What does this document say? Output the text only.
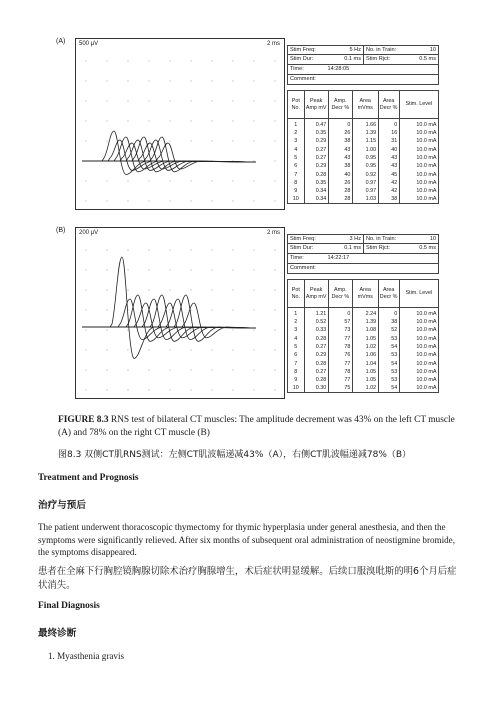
(A) 500 μV	2 ms
Stim Freq:	5 Hz No. in Train:	10
Stim Dur:	0.1 ms Stim Rjct:	0.5 ms
Time:	14:28:05
Comment:
Pot No.	Peak Amp mV	Amp. Decr %	Area mVms	Area Decr %	Stim. Level
1	0.47	0	1.66	0	10.0 mA
2	0.35	26	1.39	16	10.0 mA
3	0.29	38	1.15	31	10.0 mA
4	0.27	43	1.00	40	10.0 mA
5	0.27	43	0.95	43	10.0 mA
6	0.29	38	0.95	43	10.0 mA
7	0.28	40	0.92	45	10.0 mA
8	0.35	26	0.97	42	10.0 mA
9	0.34	28	0.97	42	10.0 mA
10	0.34	28	1.03	38	10.0 mA
(B) 200 μV	2 ms
Stim Freq:	3 Hz No. in Train:	10
Stim Dur:	0.1 ms Stim Rjct:	0.5 ms
Time:	14:22:17
Comment:
Pot No.	Peak Amp mV	Amp. Decr %	Area mVms	Area Decr %	Stim. Level
1	1.21	0	2.24	0	10.0 mA
2	0.52	57	1.39	38	10.0 mA
3	0.33	73	1.08	52	10.0 mA
4	0.28	77	1.05	53	10.0 mA
5	0.27	78	1.02	54	10.0 mA
6	0.29	76	1.06	53	10.0 mA
7	0.28	77	1.04	54	10.0 mA
8	0.27	78	1.05	53	10.0 mA
9	0.28	77	1.05	53	10.0 mA
10	0.30	75	1.02	54	10.0 mA

FIGURE 8.3 RNS test of bilateral CT muscles: The amplitude decrement was 43% on the left CT muscle (A) and 78% on the right CT muscle (B)

图8.3 双侧CT肌RNS测试：左侧CT肌波幅递减43%（A），右侧CT肌波幅递减78%（B）

Treatment and Prognosis
治疗与预后

The patient underwent thoracoscopic thymectomy for thymic hyperplasia under general anesthesia, and then the symptoms were significantly relieved. After six months of subsequent oral administration of neostigmine bromide, the symptoms disappeared.

患者在全麻下行胸腔镜胸腺切除术治疗胸腺增生，术后症状明显缓解。后续口服溴吡斯的明6个月后症状消失。

Final Diagnosis
最终诊断

1. Myasthenia gravis
